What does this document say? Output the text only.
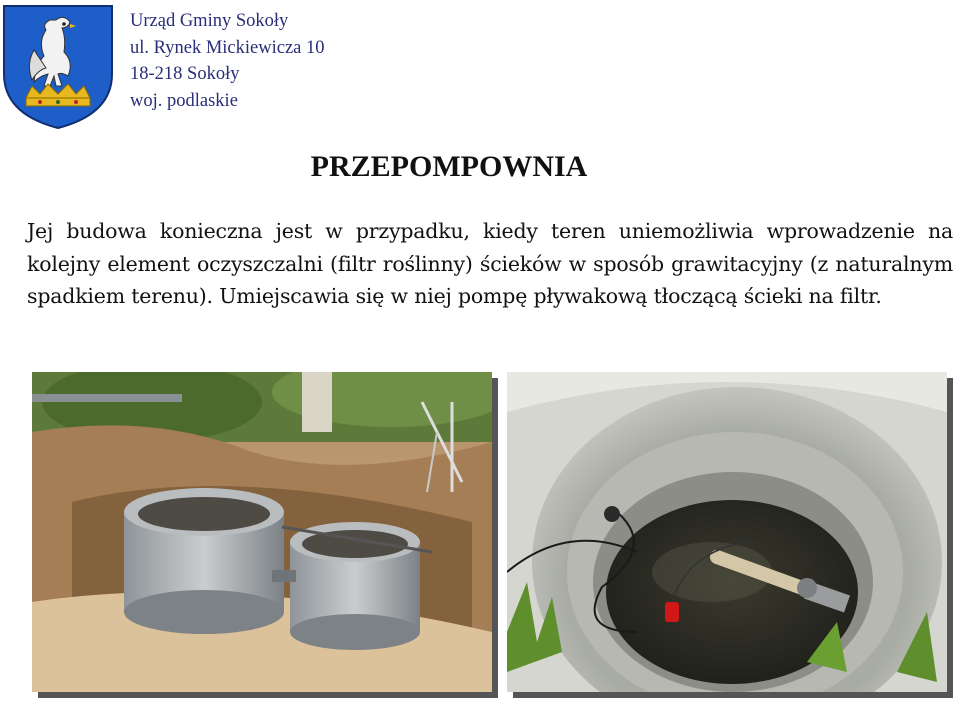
Urząd Gminy Sokoły
ul. Rynek Mickiewicza 10
18-218 Sokoły
woj. podlaskie
PRZEPOMPOWNIA
Jej budowa konieczna jest w przypadku, kiedy teren uniemożliwia wprowadzenie na kolejny element oczyszczalni (filtr roślinny) ścieków w sposób grawitacyjny (z naturalnym spadkiem terenu). Umiejscawia się w niej pompę pływakową tłoczącą ścieki na filtr.
